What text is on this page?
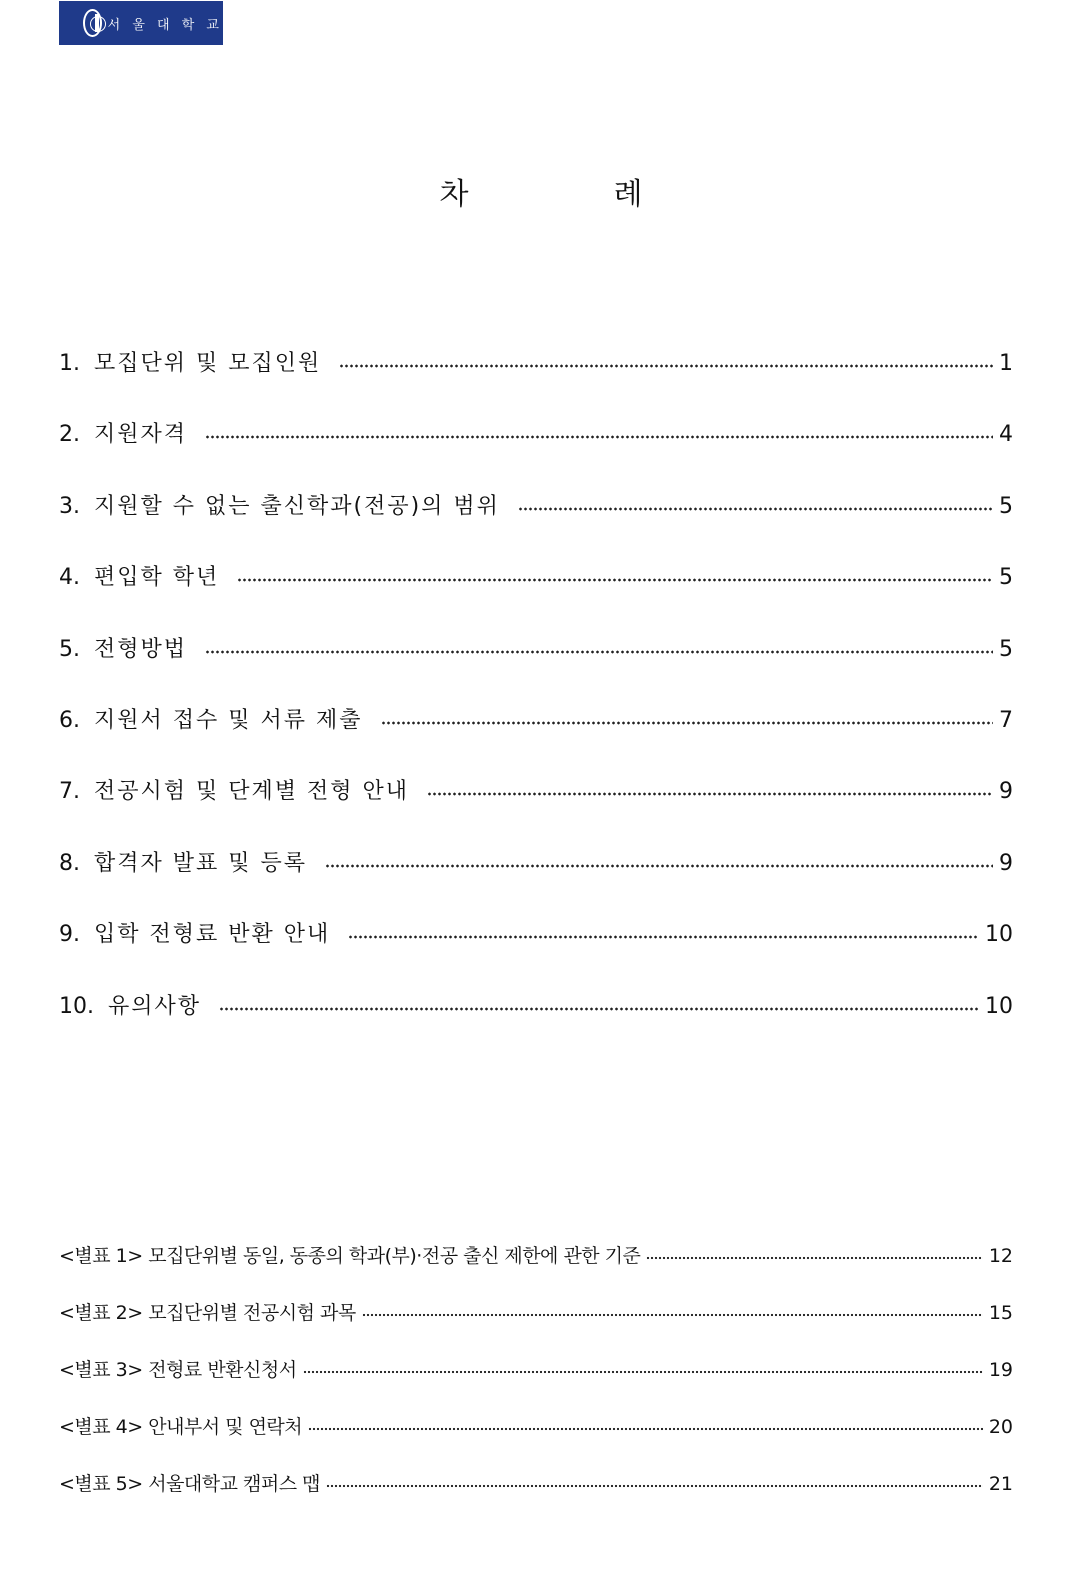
서 울 대 학 교
차	례
1. 모집단위 및 모집인원	1
2. 지원자격	4
3. 지원할 수 없는 출신학과(전공)의 범위	5
4. 편입학 학년	5
5. 전형방법	5
6. 지원서 접수 및 서류 제출	7
7. 전공시험 및 단계별 전형 안내	9
8. 합격자 발표 및 등록	9
9. 입학 전형료 반환 안내	10
10. 유의사항	10
<별표 1> 모집단위별 동일, 동종의 학과(부)·전공 출신 제한에 관한 기준	12
<별표 2> 모집단위별 전공시험 과목	15
<별표 3> 전형료 반환신청서	19
<별표 4> 안내부서 및 연락처	20
<별표 5> 서울대학교 캠퍼스 맵	21
